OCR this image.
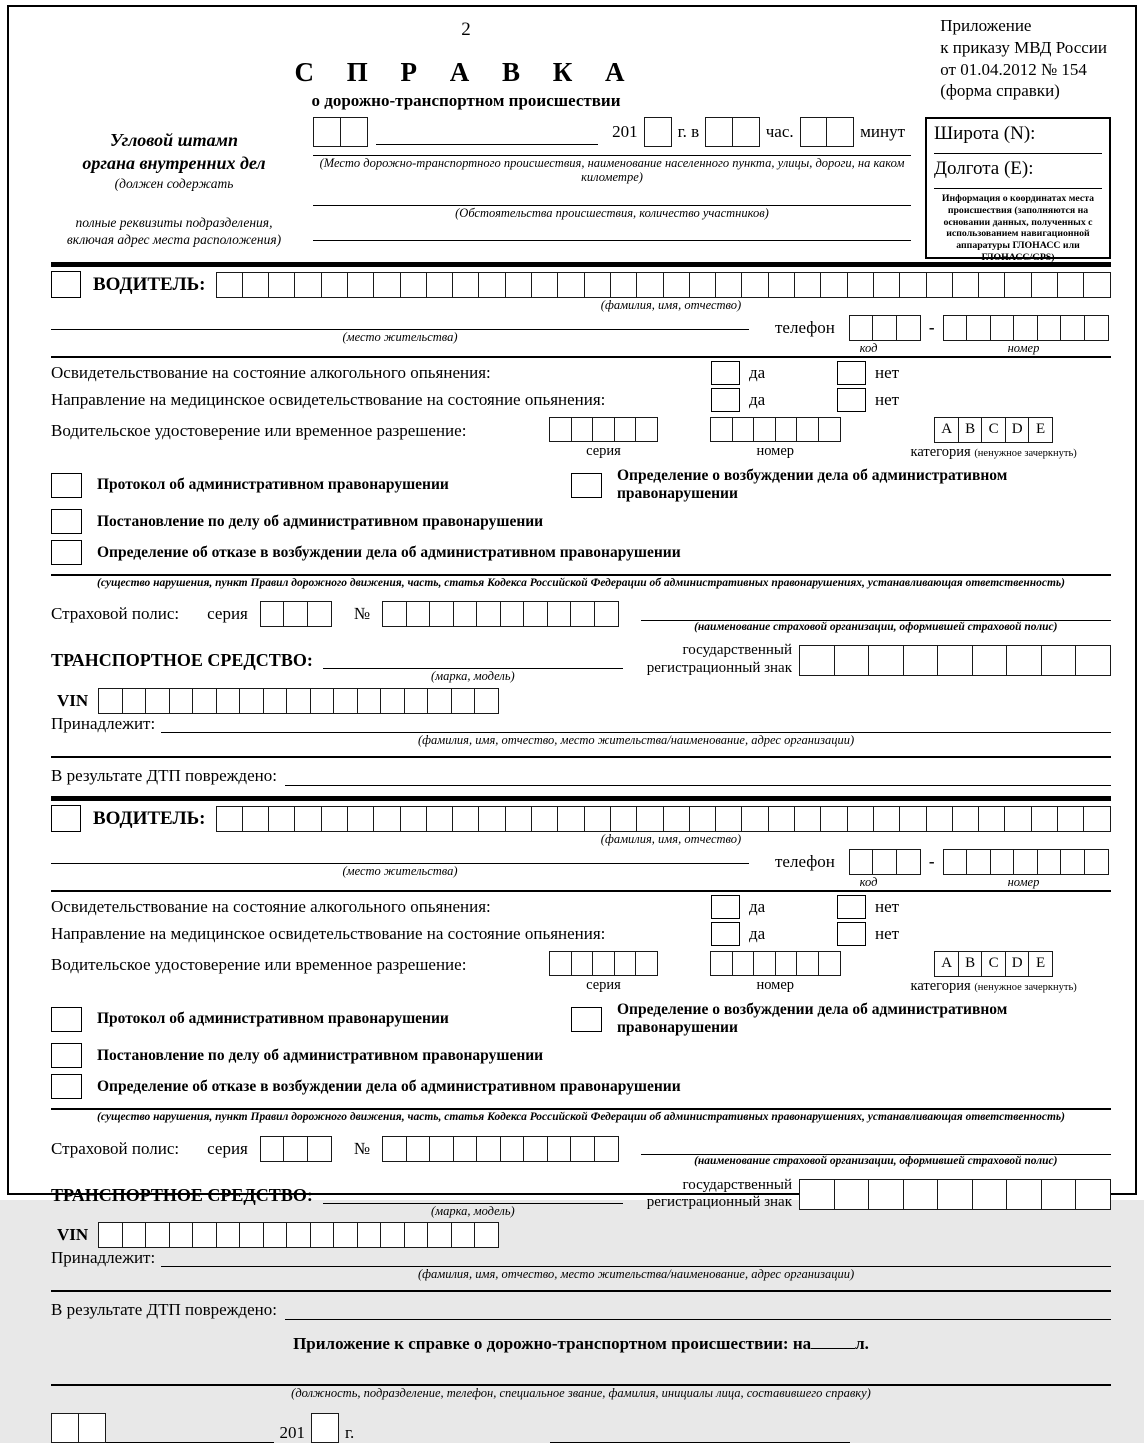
2	Приложение
к приказу МВД России
от 01.04.2012 № 154
(форма справки)
С П Р А В К А
о дорожно-транспортном происшествии
Угловой штамп
органа внутренних дел
(должен содержать
полные реквизиты подразделения,
включая адрес места расположения)
201 г. в	час.	минут
(Место дорожно-транспортного происшествия, наименование населенного пункта, улицы, дороги, на каком километре)
(Обстоятельства происшествия, количество участников)
Широта (N):
Долгота (E):
Информация о координатах места происшествия (заполняются на основании данных, полученных с использованием навигационной аппаратуры ГЛОНАСС или ГЛОНАСС/GPS)
ВОДИТЕЛЬ:
(фамилия, имя, отчество)
(место жительства)	телефон	-
код	номер
Освидетельствование на состояние алкогольного опьянения:	да	нет
Направление на медицинское освидетельствование на состояние опьянения:	да	нет
Водительское удостоверение или временное разрешение:
серия	номер
A B C D E
категория (ненужное зачеркнуть)
Протокол об административном правонарушении
Определение о возбуждении дела об административном правонарушении
Постановление по делу об административном правонарушении
Определение об отказе в возбуждении дела об административном правонарушении
(существо нарушения, пункт Правил дорожного движения, часть, статья Кодекса Российской Федерации об административных правонарушениях, устанавливающая ответственность)
Страховой полис: серия	№
(наименование страховой организации, оформившей страховой полис)
ТРАНСПОРТНОЕ СРЕДСТВО:
(марка, модель)
государственный
регистрационный знак
VIN
Принадлежит:
(фамилия, имя, отчество, место жительства/наименование, адрес организации)
В результате ДТП повреждено:
ВОДИТЕЛЬ:
(фамилия, имя, отчество)
(место жительства)	телефон	-
код	номер
Освидетельствование на состояние алкогольного опьянения:	да	нет
Направление на медицинское освидетельствование на состояние опьянения:	да	нет
Водительское удостоверение или временное разрешение:
серия	номер
A B C D E
категория (ненужное зачеркнуть)
Протокол об административном правонарушении
Определение о возбуждении дела об административном правонарушении
Постановление по делу об административном правонарушении
Определение об отказе в возбуждении дела об административном правонарушении
(существо нарушения, пункт Правил дорожного движения, часть, статья Кодекса Российской Федерации об административных правонарушениях, устанавливающая ответственность)
Страховой полис: серия	№
(наименование страховой организации, оформившей страховой полис)
ТРАНСПОРТНОЕ СРЕДСТВО:
(марка, модель)
государственный
регистрационный знак
VIN
Принадлежит:
(фамилия, имя, отчество, место жительства/наименование, адрес организации)
В результате ДТП повреждено:
Приложение к справке о дорожно-транспортном происшествии: на	л.
(должность, подразделение, телефон, специальное звание, фамилия, инициалы лица, составившего справку)
201 г.
